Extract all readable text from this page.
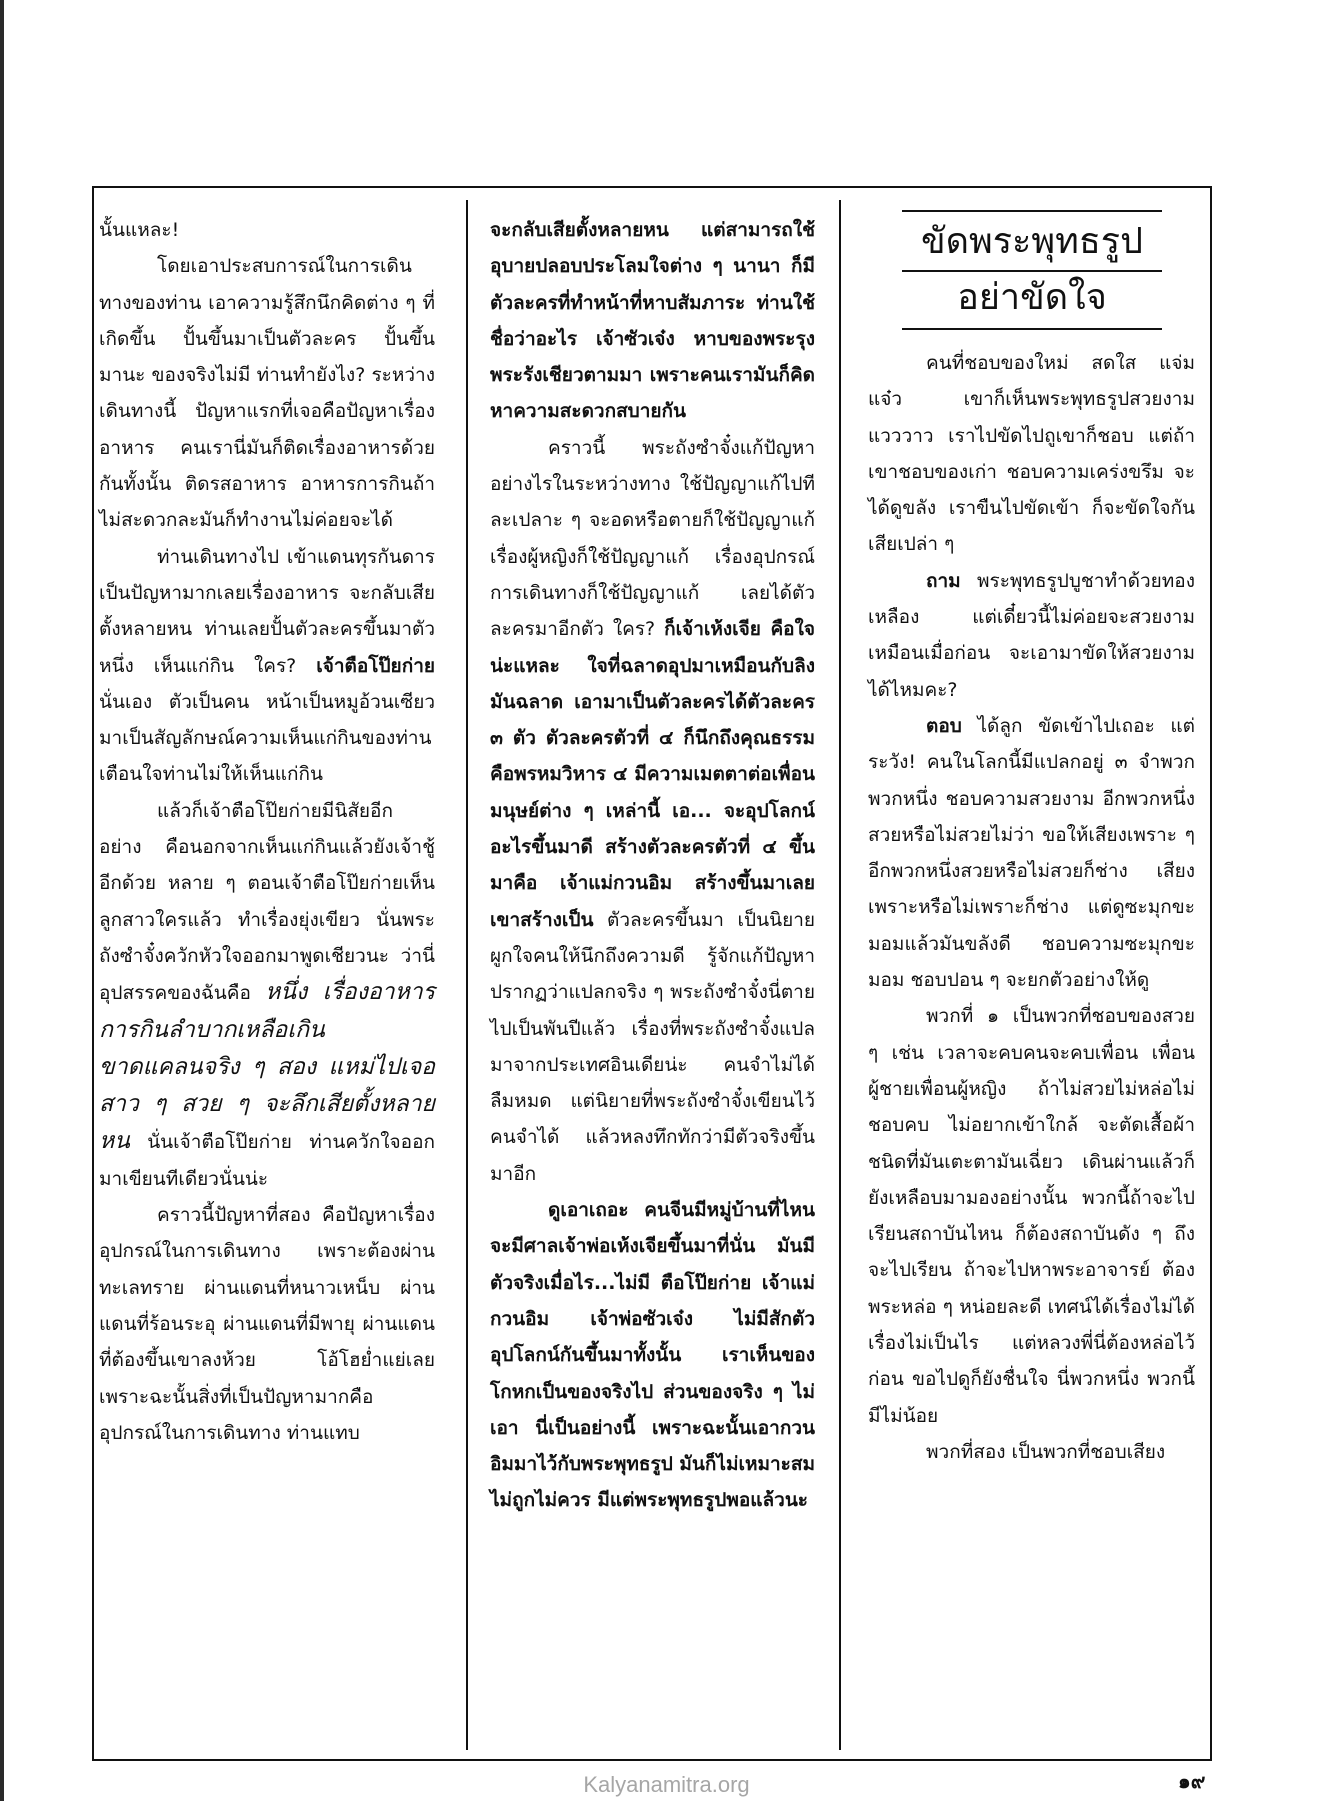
นั้นแหละ!

โดยเอาประสบการณ์ในการเดินทางของท่าน เอาความรู้สึกนึกคิดต่าง ๆ ที่เกิดขึ้น ปั้นขึ้นมาเป็นตัวละคร ปั้นขึ้นมานะ ของจริงไม่มี ท่านทำยังไง? ระหว่างเดินทางนี้ ปัญหาแรกที่เจอคือปัญหาเรื่องอาหาร คนเรานี่มันก็ติดเรื่องอาหารด้วยกันทั้งนั้น ติดรสอาหาร อาหารการกินถ้าไม่สะดวกละมันก็ทำงานไม่ค่อยจะได้

ท่านเดินทางไป เข้าแดนทุรกันดาร เป็นปัญหามากเลยเรื่องอาหาร จะกลับเสียตั้งหลายหน ท่านเลยปั้นตัวละครขึ้นมาตัวหนึ่ง เห็นแก่กิน ใคร? เจ้าตือโป๊ยก่ายนั่นเอง ตัวเป็นคน หน้าเป็นหมูอ้วนเซียว มาเป็นสัญลักษณ์ความเห็นแก่กินของท่าน เตือนใจท่านไม่ให้เห็นแก่กิน

แล้วก็เจ้าตือโป๊ยก่ายมีนิสัยอีกอย่าง คือนอกจากเห็นแก่กินแล้วยังเจ้าชู้อีกด้วย หลาย ๆ ตอนเจ้าตือโป๊ยก่ายเห็นลูกสาวใครแล้ว ทำเรื่องยุ่งเขียว นั่นพระถังซำจั๋งควักหัวใจออกมาพูดเชียวนะ ว่านี่อุปสรรคของฉันคือ หนึ่ง เรื่องอาหารการกินลำบากเหลือเกิน ขาดแคลนจริง ๆ สอง แหม่ไปเจอสาว ๆ สวย ๆ จะลึกเสียตั้งหลายหน นั่นเจ้าตือโป๊ยก่าย ท่านควักใจออกมาเขียนทีเดียวนั่นน่ะ

คราวนี้ปัญหาที่สอง คือปัญหาเรื่องอุปกรณ์ในการเดินทาง เพราะต้องผ่านทะเลทราย ผ่านแดนที่หนาวเหน็บ ผ่านแดนที่ร้อนระอุ ผ่านแดนที่มีพายุ ผ่านแดนที่ต้องขึ้นเขาลงห้วย โอ้โฮย่ำแย่เลย เพราะฉะนั้นสิ่งที่เป็นปัญหามากคือ อุปกรณ์ในการเดินทาง ท่านแทบ

จะกลับเสียตั้งหลายหน แต่สามารถใช้อุบายปลอบประโลมใจต่าง ๆ นานา ก็มีตัวละครที่ทำหน้าที่หาบสัมภาระ ท่านใช้ชื่อว่าอะไร เจ้าซัวเจ๋ง หาบของพระรุงพระรังเชียวตามมา เพราะคนเรามันก็คิดหาความสะดวกสบายกัน

คราวนี้ พระถังซำจั๋งแก้ปัญหาอย่างไรในระหว่างทาง ใช้ปัญญาแก้ไปทีละเปลาะ ๆ จะอดหรือตายก็ใช้ปัญญาแก้ เรื่องผู้หญิงก็ใช้ปัญญาแก้ เรื่องอุปกรณ์การเดินทางก็ใช้ปัญญาแก้ เลยได้ตัวละครมาอีกตัว ใคร? ก็เจ้าเห้งเจีย คือใจน่ะแหละ ใจที่ฉลาดอุปมาเหมือนกับลิง มันฉลาด เอามาเป็นตัวละครได้ตัวละคร ๓ ตัว ตัวละครตัวที่ ๔ ก็นึกถึงคุณธรรม คือพรหมวิหาร ๔ มีความเมตตาต่อเพื่อนมนุษย์ต่าง ๆ เหล่านี้ เอ... จะอุปโลกน์อะไรขึ้นมาดี สร้างตัวละครตัวที่ ๔ ขึ้นมาคือ เจ้าแม่กวนอิม สร้างขึ้นมาเลย เขาสร้างเป็น ตัวละครขึ้นมา เป็นนิยายผูกใจคนให้นึกถึงความดี รู้จักแก้ปัญหา ปรากฏว่าแปลกจริง ๆ พระถังซำจั๋งนี่ตายไปเป็นพันปีแล้ว เรื่องที่พระถังซำจั๋งแปลมาจากประเทศอินเดียน่ะ คนจำไม่ได้ ลืมหมด แต่นิยายที่พระถังซำจั๋งเขียนไว้คนจำได้ แล้วหลงทึกทักว่ามีตัวจริงขึ้นมาอีก

ดูเอาเถอะ คนจีนมีหมู่บ้านที่ไหน จะมีศาลเจ้าพ่อเห้งเจียขึ้นมาที่นั่น มันมีตัวจริงเมื่อไร...ไม่มี ตือโป๊ยก่าย เจ้าแม่กวนอิม เจ้าพ่อซัวเจ๋ง ไม่มีสักตัว อุปโลกน์กันขึ้นมาทั้งนั้น เราเห็นของโกหกเป็นของจริงไป ส่วนของจริง ๆ ไม่เอา นี่เป็นอย่างนี้ เพราะฉะนั้นเอากวนอิมมาไว้กับพระพุทธรูป มันก็ไม่เหมาะสม ไม่ถูกไม่ควร มีแต่พระพุทธรูปพอแล้วนะ

ขัดพระพุทธรูป
อย่าขัดใจ

คนที่ชอบของใหม่ สดใส แจ่มแจ๋ว เขาก็เห็นพระพุทธรูปสวยงามแวววาว เราไปขัดไปถูเขาก็ชอบ แต่ถ้าเขาชอบของเก่า ชอบความเคร่งขรึม จะได้ดูขลัง เราขืนไปขัดเข้า ก็จะขัดใจกันเสียเปล่า ๆ

ถาม พระพุทธรูปบูชาทำด้วยทองเหลือง แต่เดี๋ยวนี้ไม่ค่อยจะสวยงามเหมือนเมื่อก่อน จะเอามาขัดให้สวยงามได้ไหมคะ?

ตอบ ได้ลูก ขัดเข้าไปเถอะ แต่ระวัง! คนในโลกนี้มีแปลกอยู่ ๓ จำพวก พวกหนึ่ง ชอบความสวยงาม อีกพวกหนึ่งสวยหรือไม่สวยไม่ว่า ขอให้เสียงเพราะ ๆ อีกพวกหนึ่งสวยหรือไม่สวยก็ช่าง เสียงเพราะหรือไม่เพราะก็ช่าง แต่ดูซะมุกขะมอมแล้วมันขลังดี ชอบความซะมุกขะมอม ชอบปอน ๆ จะยกตัวอย่างให้ดู

พวกที่ ๑ เป็นพวกที่ชอบของสวย ๆ เช่น เวลาจะคบคนจะคบเพื่อน เพื่อนผู้ชายเพื่อนผู้หญิง ถ้าไม่สวยไม่หล่อไม่ชอบคบ ไม่อยากเข้าใกล้ จะตัดเสื้อผ้าชนิดที่มันเตะตามันเฉี่ยว เดินผ่านแล้วก็ยังเหลือบมามองอย่างนั้น พวกนี้ถ้าจะไปเรียนสถาบันไหน ก็ต้องสถาบันดัง ๆ ถึงจะไปเรียน ถ้าจะไปหาพระอาจารย์ ต้องพระหล่อ ๆ หน่อยละดี เทศน์ได้เรื่องไม่ได้เรื่องไม่เป็นไร แต่หลวงพี่นี่ต้องหล่อไว้ก่อน ขอไปดูก็ยังชื่นใจ นี่พวกหนึ่ง พวกนี้มีไม่น้อย

พวกที่สอง เป็นพวกที่ชอบเสียง

๑๙
Kalyanamitra.org
